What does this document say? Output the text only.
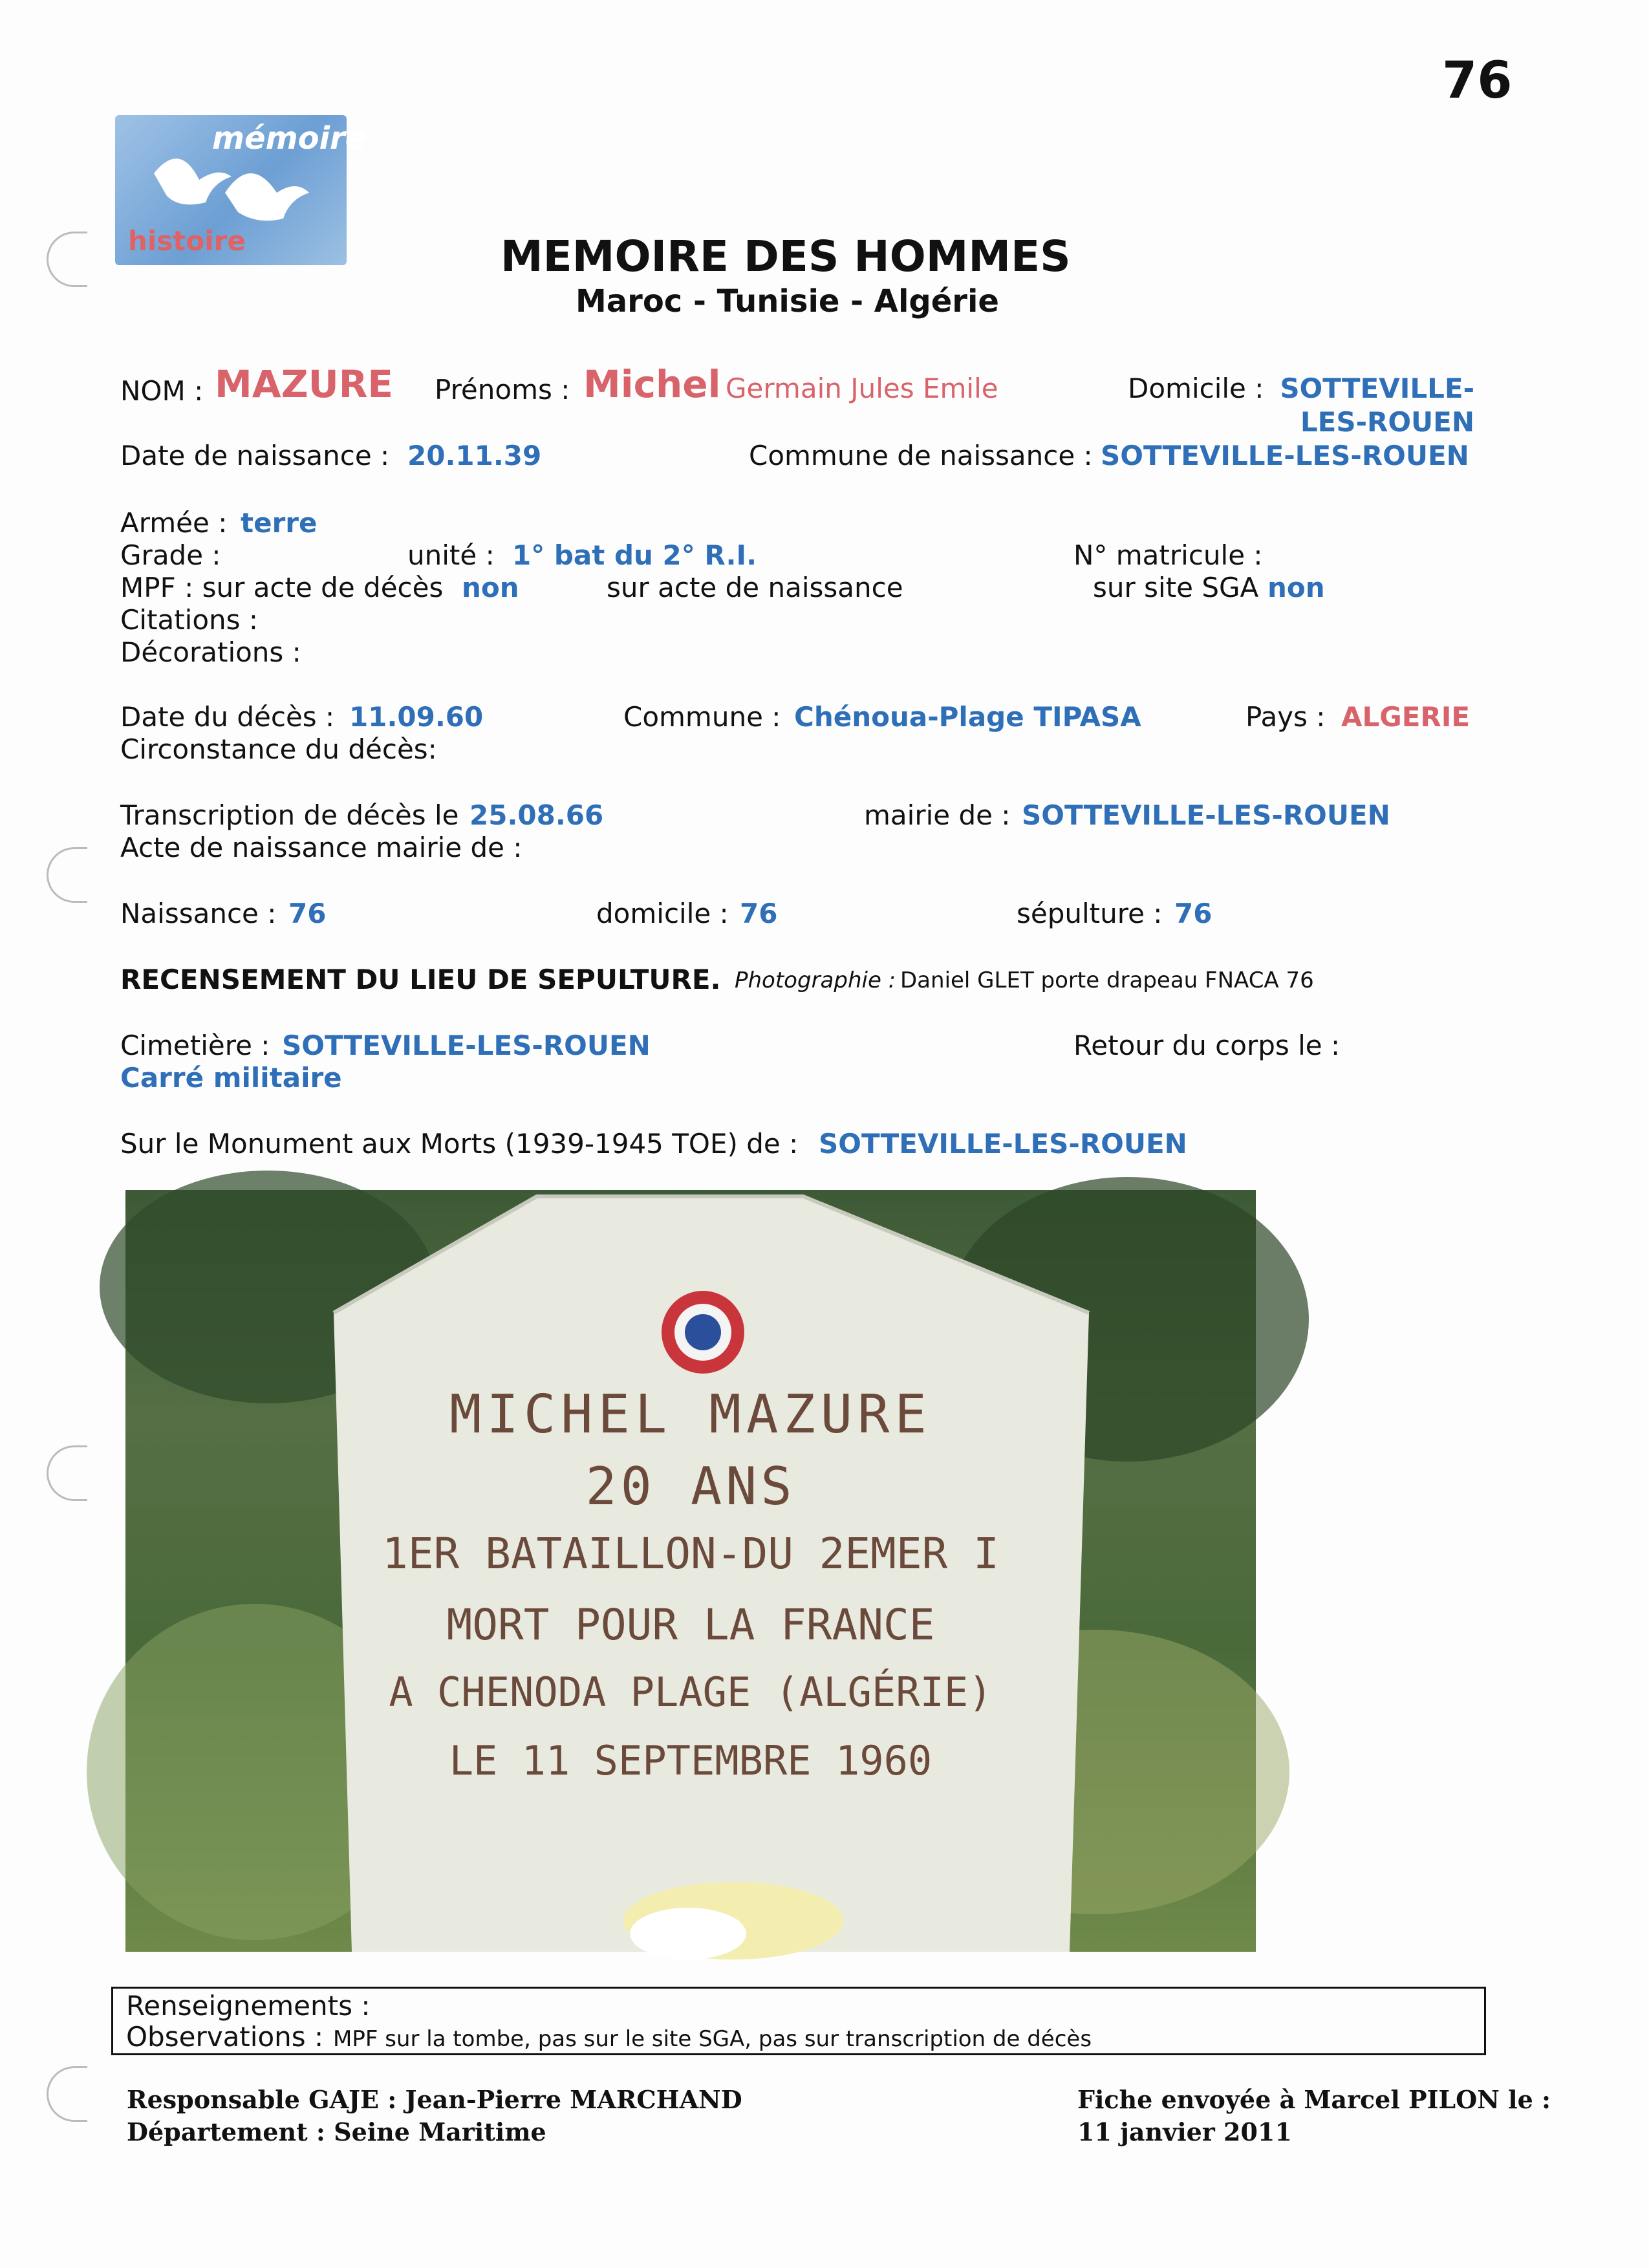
76
mémoire
histoire	MEMOIRE DES HOMMES
Maroc - Tunisie - Algérie
NOM : MAZURE Prénoms : Michel Germain Jules Emile	Domicile : SOTTEVILLE-
LES-ROUEN
Date de naissance : 20.11.39	Commune de naissance : SOTTEVILLE-LES-ROUEN
Armée : terre
Grade :	unité : 1° bat du 2° R.I.	N° matricule :
MPF : sur acte de décès non	sur acte de naissance	sur site SGA non
Citations :
Décorations :
Date du décès : 11.09.60	Commune : Chénoua-Plage TIPASA	Pays : ALGERIE
Circonstance du décès:
Transcription de décès le 25.08.66	mairie de : SOTTEVILLE-LES-ROUEN
Acte de naissance mairie de :
Naissance : 76	domicile : 76	sépulture : 76
RECENSEMENT DU LIEU DE SEPULTURE. Photographie : Daniel GLET porte drapeau FNACA 76
Cimetière : SOTTEVILLE-LES-ROUEN
Carré militaire
Retour du corps le :
Sur le Monument aux Morts (1939-1945 TOE) de : SOTTEVILLE-LES-ROUEN
MICHEL MAZURE
20 ANS
1ER BATAILLON-DU 2EMER I
MORT POUR LA FRANCE
A CHENODA PLAGE (ALGÉRIE)
LE 11 SEPTEMBRE 1960
Renseignements :
Observations : MPF sur la tombe, pas sur le site SGA, pas sur transcription de décès
Responsable GAJE : Jean-Pierre MARCHAND
Département : Seine Maritime
Fiche envoyée à Marcel PILON le :
11 janvier 2011
